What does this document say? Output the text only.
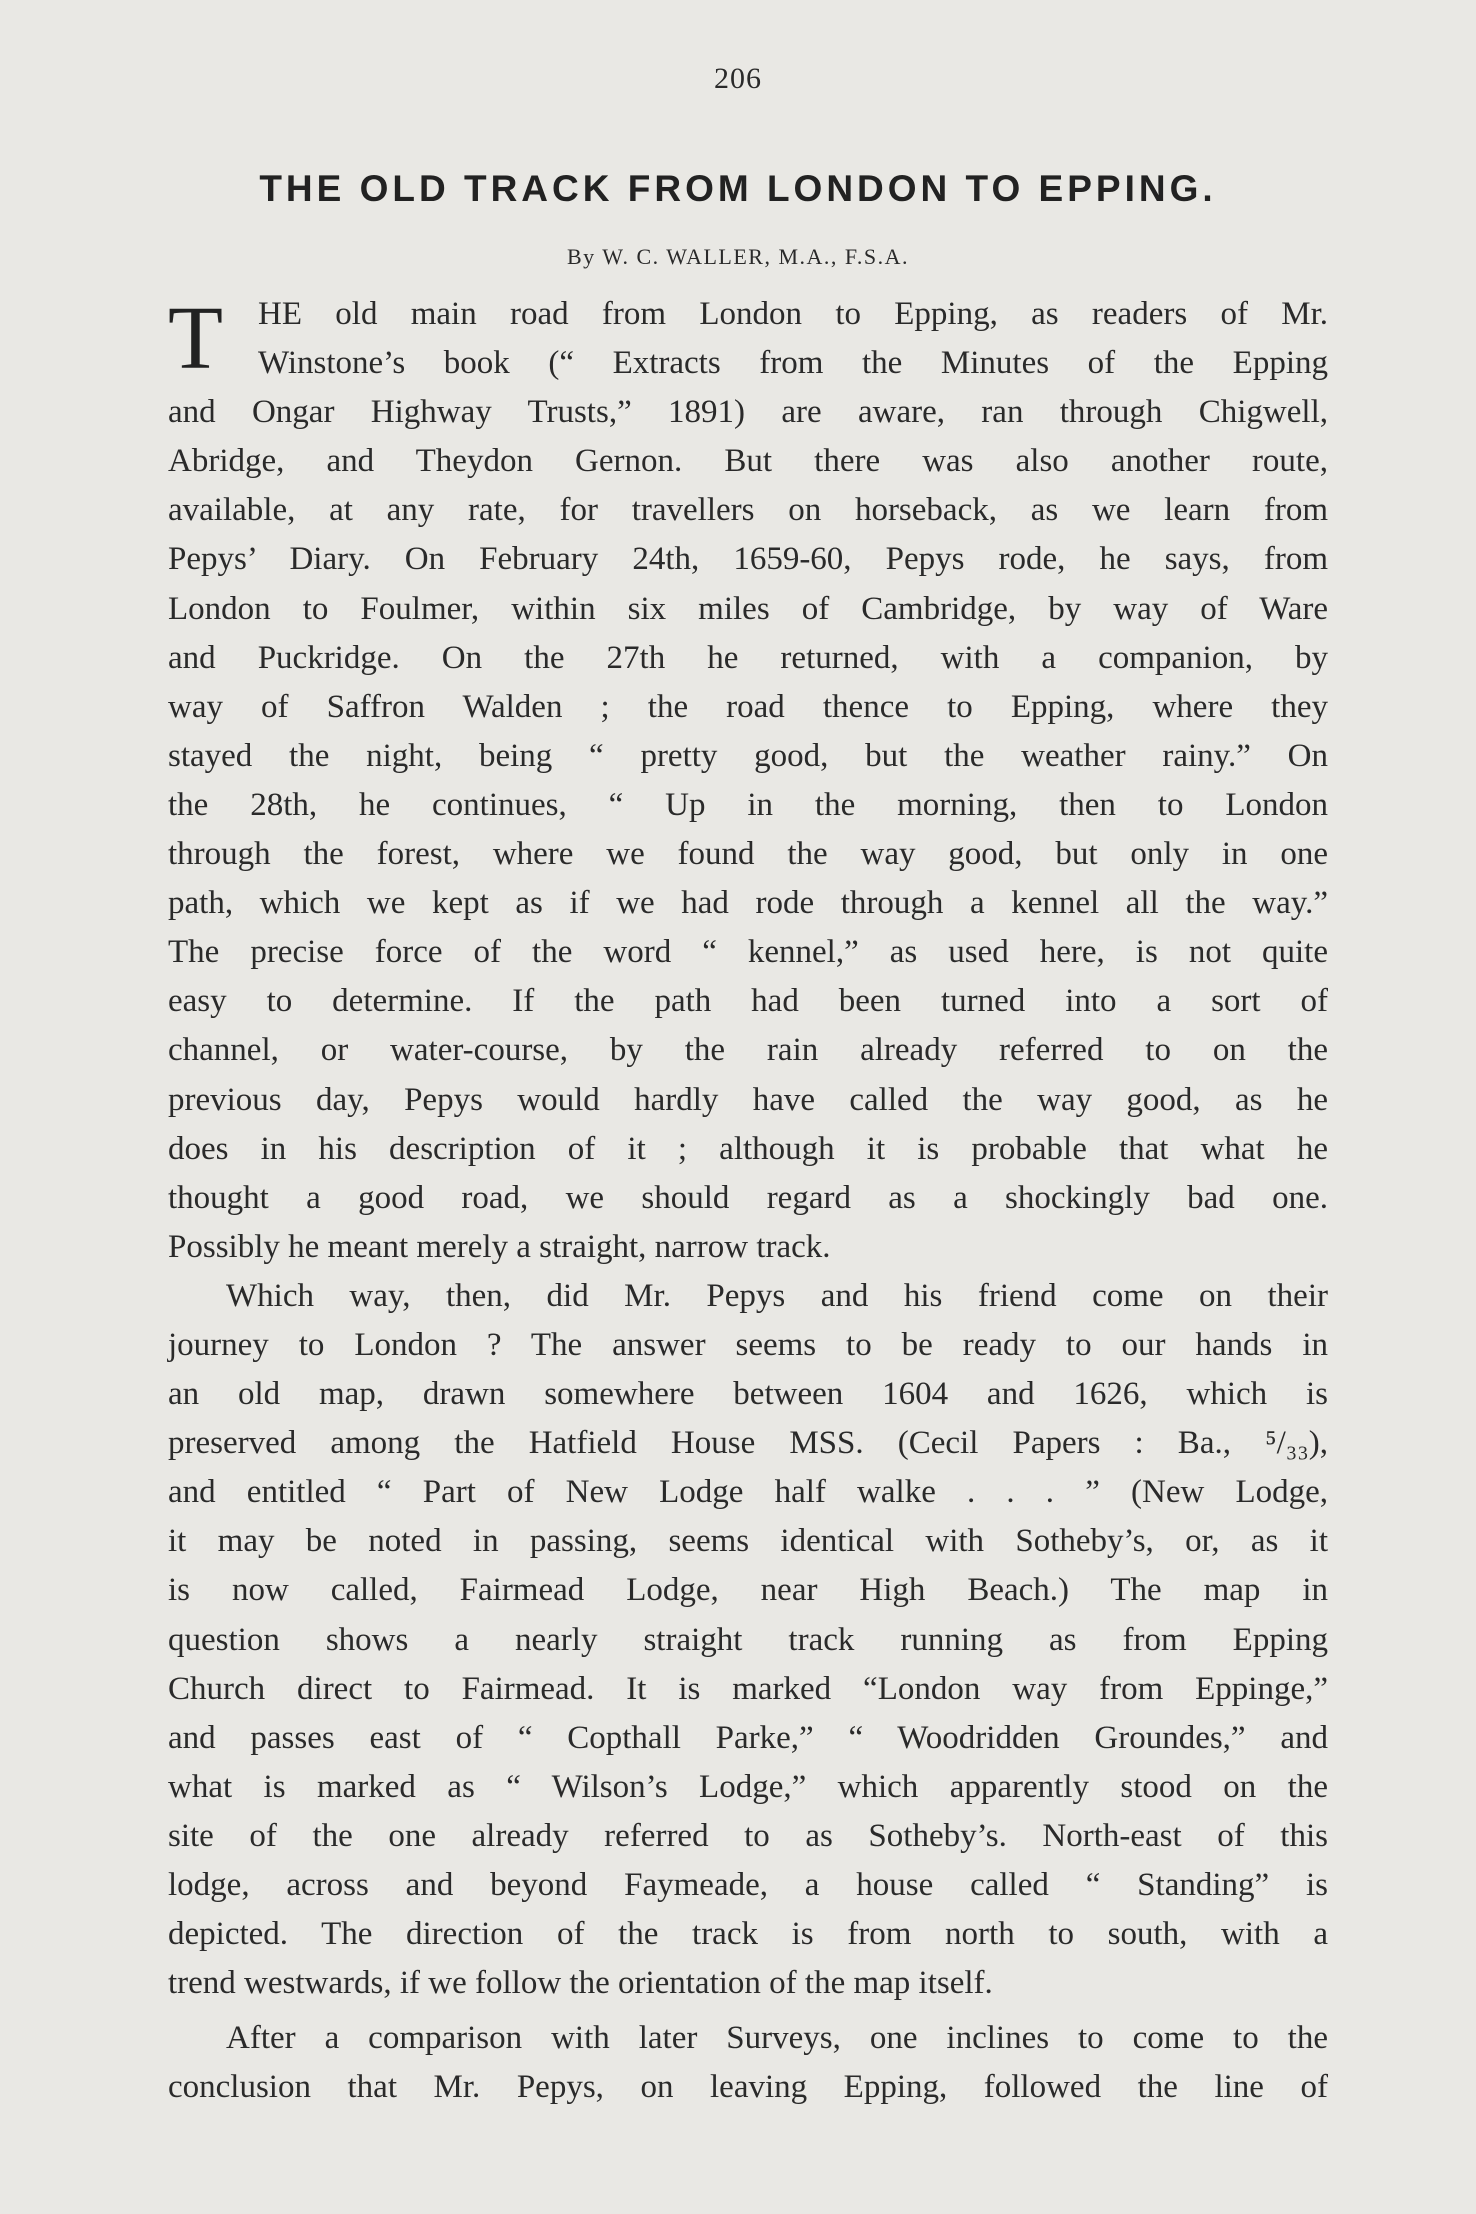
206
THE OLD TRACK FROM LONDON TO EPPING.
By W. C. WALLER, M.A., F.S.A.
T	HE old main road from London to Epping, as readers of Mr.
Winstone’s book (“ Extracts from the Minutes of the Epping
and Ongar Highway Trusts,” 1891) are aware, ran through Chigwell,
Abridge, and Theydon Gernon. But there was also another route,
available, at any rate, for travellers on horseback, as we learn from
Pepys’ Diary. On February 24th, 1659-60, Pepys rode, he says, from
London to Foulmer, within six miles of Cambridge, by way of Ware
and Puckridge. On the 27th he returned, with a companion, by
way of Saffron Walden ; the road thence to Epping, where they
stayed the night, being “ pretty good, but the weather rainy.” On
the 28th, he continues, “ Up in the morning, then to London
through the forest, where we found the way good, but only in one
path, which we kept as if we had rode through a kennel all the way.”
The precise force of the word “ kennel,” as used here, is not quite
easy to determine. If the path had been turned into a sort of
channel, or water-course, by the rain already referred to on the
previous day, Pepys would hardly have called the way good, as he
does in his description of it ; although it is probable that what he
thought a good road, we should regard as a shockingly bad one.
Possibly he meant merely a straight, narrow track.
Which way, then, did Mr. Pepys and his friend come on their
journey to London ? The answer seems to be ready to our hands in
an old map, drawn somewhere between 1604 and 1626, which is
preserved among the Hatfield House MSS. (Cecil Papers : Ba., ⁵/₃₃),
and entitled “ Part of New Lodge half walke . . . ” (New Lodge,
it may be noted in passing, seems identical with Sotheby’s, or, as it
is now called, Fairmead Lodge, near High Beach.) The map in
question shows a nearly straight track running as from Epping
Church direct to Fairmead. It is marked “London way from Eppinge,”
and passes east of “ Copthall Parke,” “ Woodridden Groundes,” and
what is marked as “ Wilson’s Lodge,” which apparently stood on the
site of the one already referred to as Sotheby’s. North-east of this
lodge, across and beyond Faymeade, a house called “ Standing” is
depicted. The direction of the track is from north to south, with a
trend westwards, if we follow the orientation of the map itself.
After a comparison with later Surveys, one inclines to come to the
conclusion that Mr. Pepys, on leaving Epping, followed the line of
